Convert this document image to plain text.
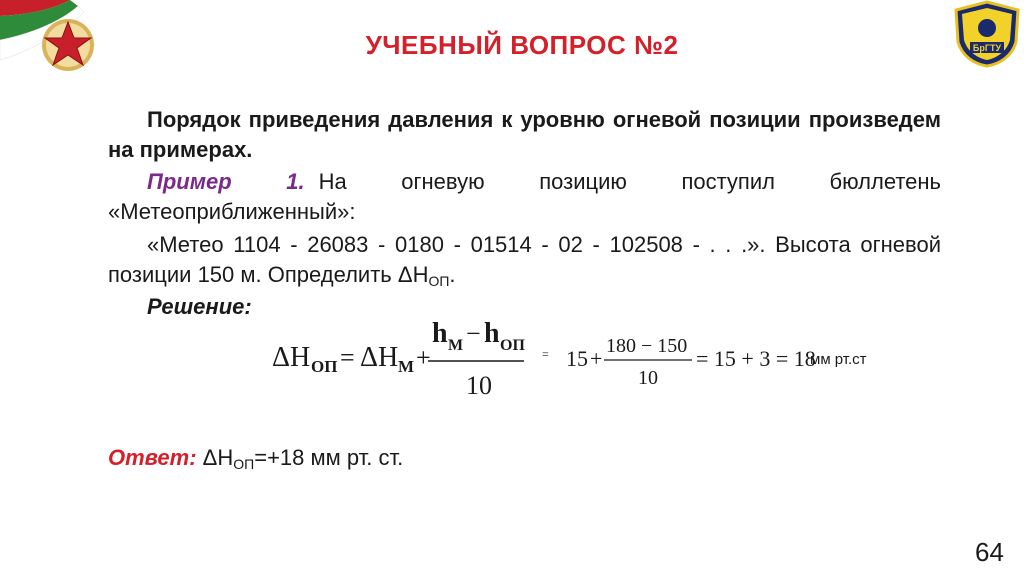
БрГТУ
УЧЕБНЫЙ ВОПРОС №2
Порядок приведения давления к уровню огневой позиции произведем на примерах.
Пример 1. На огневую позицию поступил бюллетень «Метеоприближенный»:
«Метео 1104 - 26083 - 0180 - 01514 - 02 - 102508 - . . .». Высота огневой позиции 150 м. Определить $\Delta H_{ОП}$.
Решение:
ΔH ОП = ΔH M +
h M − h ОП
10
= 15 + 180 − 150
10
= 15 + 3 = 18
мм рт.ст
Ответ: $\Delta H_{ОП}=+18$ мм рт. ст.
64
